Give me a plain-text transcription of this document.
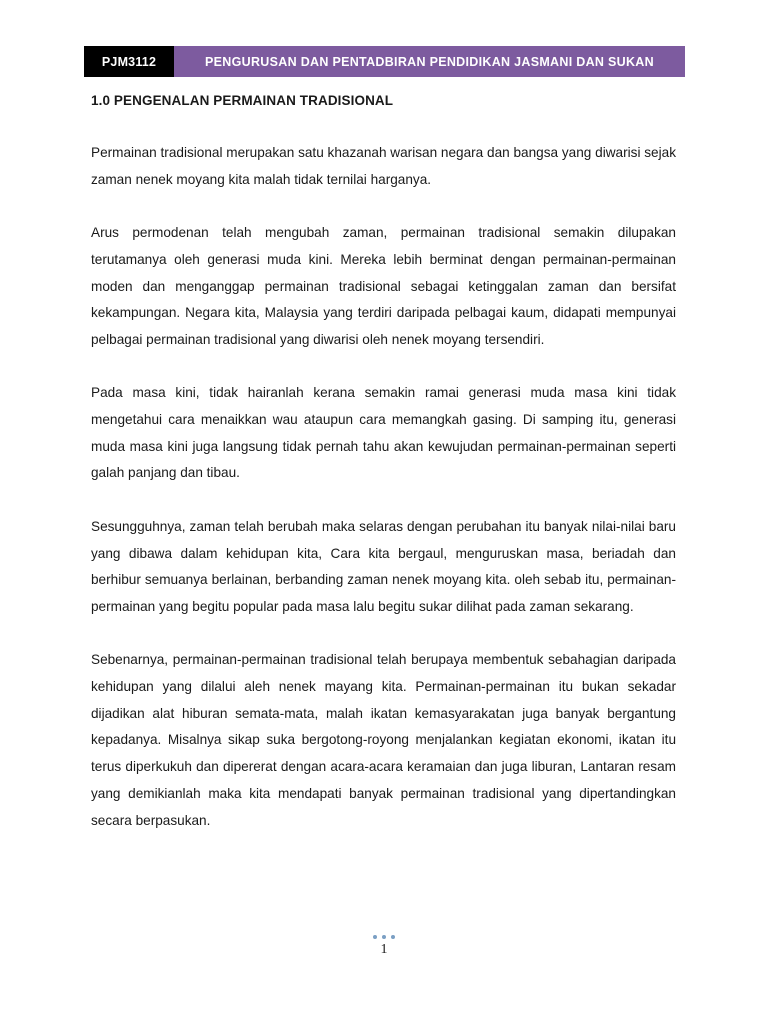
PJM3112	PENGURUSAN DAN PENTADBIRAN PENDIDIKAN JASMANI DAN SUKAN
1.0 PENGENALAN PERMAINAN TRADISIONAL

Permainan tradisional merupakan satu khazanah warisan negara dan bangsa yang diwarisi sejak zaman nenek moyang kita malah tidak ternilai harganya.

Arus permodenan telah mengubah zaman, permainan tradisional semakin dilupakan terutamanya oleh generasi muda kini. Mereka lebih berminat dengan permainan-permainan moden dan menganggap permainan tradisional sebagai ketinggalan zaman dan bersifat kekampungan. Negara kita, Malaysia yang terdiri daripada pelbagai kaum, didapati mempunyai pelbagai permainan tradisional yang diwarisi oleh nenek moyang tersendiri.

Pada masa kini, tidak hairanlah kerana semakin ramai generasi muda masa kini tidak mengetahui cara menaikkan wau ataupun cara memangkah gasing. Di samping itu, generasi muda masa kini juga langsung tidak pernah tahu akan kewujudan permainan-permainan seperti galah panjang dan tibau.

Sesungguhnya, zaman telah berubah maka selaras dengan perubahan itu banyak nilai-nilai baru yang dibawa dalam kehidupan kita, Cara kita bergaul, menguruskan masa, beriadah dan berhibur semuanya berlainan, berbanding zaman nenek moyang kita. oleh sebab itu, permainan-permainan yang begitu popular pada masa lalu begitu sukar dilihat pada zaman sekarang.

Sebenarnya, permainan-permainan tradisional telah berupaya membentuk sebahagian daripada kehidupan yang dilalui aleh nenek mayang kita. Permainan-permainan itu bukan sekadar dijadikan alat hiburan semata-mata, malah ikatan kemasyarakatan juga banyak bergantung kepadanya. Misalnya sikap suka bergotong-royong menjalankan kegiatan ekonomi, ikatan itu terus diperkukuh dan dipererat dengan acara-acara keramaian dan juga liburan, Lantaran resam yang demikianlah maka kita mendapati banyak permainan tradisional yang dipertandingkan secara berpasukan.

1
